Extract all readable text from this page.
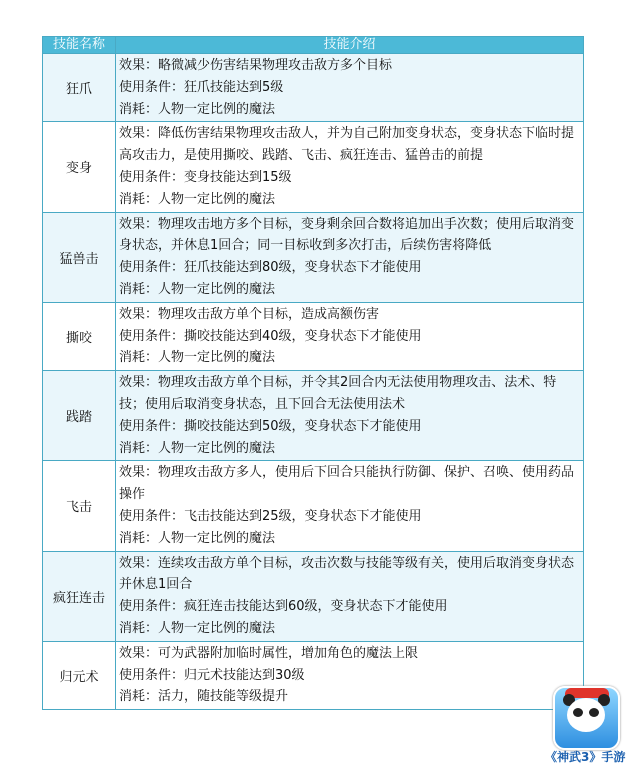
技能名称	技能介绍
狂爪	效果：略微减少伤害结果物理攻击敌方多个目标
使用条件：狂爪技能达到5级
消耗：人物一定比例的魔法

变身	效果：降低伤害结果物理攻击敌人，并为自己附加变身状态，变身状态下临时提高攻击力，是使用撕咬、践踏、飞击、疯狂连击、猛兽击的前提
使用条件：变身技能达到15级
消耗：人物一定比例的魔法

猛兽击	效果：物理攻击地方多个目标，变身剩余回合数将追加出手次数；使用后取消变身状态，并休息1回合；同一目标收到多次打击，后续伤害将降低
使用条件：狂爪技能达到80级，变身状态下才能使用
消耗：人物一定比例的魔法

撕咬	效果：物理攻击敌方单个目标，造成高额伤害
使用条件：撕咬技能达到40级，变身状态下才能使用
消耗：人物一定比例的魔法

践踏	效果：物理攻击敌方单个目标，并令其2回合内无法使用物理攻击、法术、特技；使用后取消变身状态，且下回合无法使用法术
使用条件：撕咬技能达到50级，变身状态下才能使用
消耗：人物一定比例的魔法

飞击	效果：物理攻击敌方多人，使用后下回合只能执行防御、保护、召唤、使用药品操作
使用条件：飞击技能达到25级，变身状态下才能使用
消耗：人物一定比例的魔法

疯狂连击	效果：连续攻击敌方单个目标，攻击次数与技能等级有关，使用后取消变身状态并休息1回合
使用条件：疯狂连击技能达到60级，变身状态下才能使用
消耗：人物一定比例的魔法

归元术	效果：可为武器附加临时属性，增加角色的魔法上限
使用条件：归元术技能达到30级
消耗：活力，随技能等级提升
《神武3》手游
